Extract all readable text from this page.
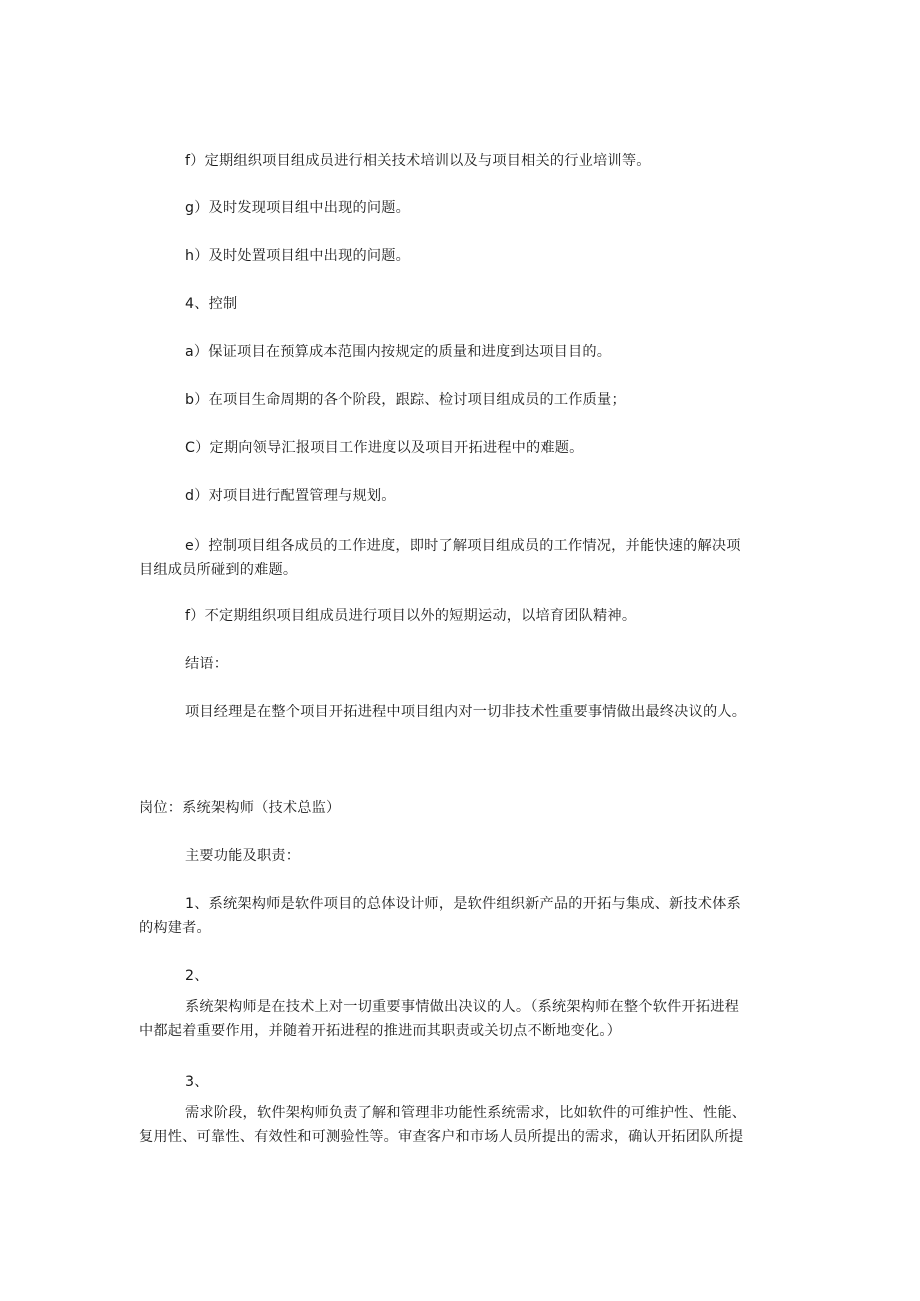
f）定期组织项目组成员进行相关技术培训以及与项目相关的行业培训等。
g）及时发现项目组中出现的问题。
h）及时处置项目组中出现的问题。
4、控制
a）保证项目在预算成本范围内按规定的质量和进度到达项目目的。
b）在项目生命周期的各个阶段，跟踪、检讨项目组成员的工作质量；
C）定期向领导汇报项目工作进度以及项目开拓进程中的难题。
d）对项目进行配置管理与规划。
e）控制项目组各成员的工作进度，即时了解项目组成员的工作情况，并能快速的解决项
目组成员所碰到的难题。
f）不定期组织项目组成员进行项目以外的短期运动，以培育团队精神。
结语：
项目经理是在整个项目开拓进程中项目组内对一切非技术性重要事情做出最终决议的人。
岗位：系统架构师（技术总监）
主要功能及职责：
1、系统架构师是软件项目的总体设计师，是软件组织新产品的开拓与集成、新技术体系
的构建者。
2、
系统架构师是在技术上对一切重要事情做出决议的人。（系统架构师在整个软件开拓进程
中都起着重要作用，并随着开拓进程的推进而其职责或关切点不断地变化。）
3、
需求阶段，软件架构师负责了解和管理非功能性系统需求，比如软件的可维护性、性能、
复用性、可靠性、有效性和可测验性等。审查客户和市场人员所提出的需求，确认开拓团队所提
